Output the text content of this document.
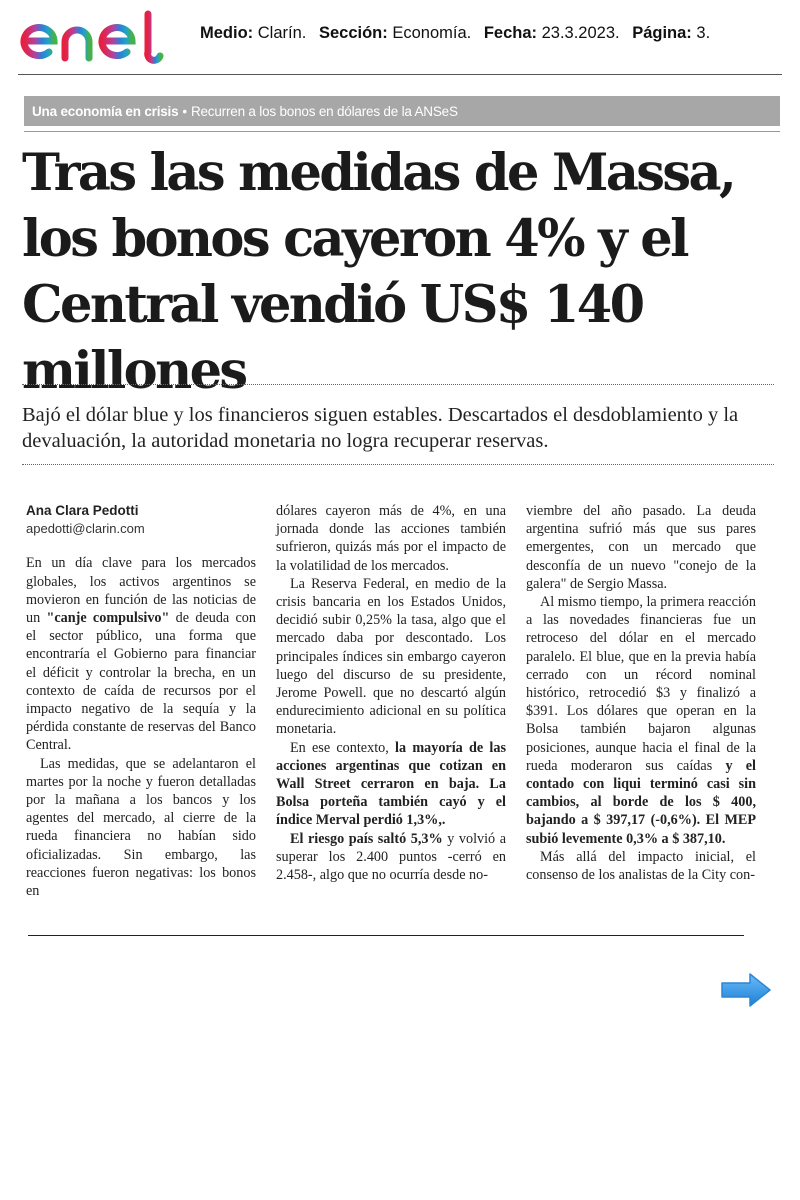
Medio: Clarín. Sección: Economía. Fecha: 23.3.2023. Página: 3.
Una economía en crisis • Recurren a los bonos en dólares de la ANSeS
Tras las medidas de Massa, los bonos cayeron 4% y el Central vendió US$ 140 millones

Bajó el dólar blue y los financieros siguen estables. Descartados el desdoblamiento y la devaluación, la autoridad monetaria no logra recuperar reservas.

Ana Clara Pedotti

apedotti@clarin.com

En un día clave para los mercados globales, los activos argentinos se movieron en función de las noticias de un "canje compulsivo" de deuda con el sector público, una forma que encontraría el Gobierno para financiar el déficit y controlar la brecha, en un contexto de caída de recursos por el impacto negativo de la sequía y la pérdida constante de reservas del Banco Central.

Las medidas, que se adelantaron el martes por la noche y fueron detalladas por la mañana a los bancos y los agentes del mercado, al cierre de la rueda financiera no habían sido oficializadas. Sin embargo, las reacciones fueron negativas: los bonos en

dólares cayeron más de 4%, en una jornada donde las acciones también sufrieron, quizás más por el impacto de la volatilidad de los mercados.

La Reserva Federal, en medio de la crisis bancaria en los Estados Unidos, decidió subir 0,25% la tasa, algo que el mercado daba por descontado. Los principales índices sin embargo cayeron luego del discurso de su presidente, Jerome Powell. que no descartó algún endurecimiento adicional en su política monetaria.

En ese contexto, la mayoría de las acciones argentinas que cotizan en Wall Street cerraron en baja. La Bolsa porteña también cayó y el índice Merval perdió 1,3%,.

El riesgo país saltó 5,3% y volvió a superar los 2.400 puntos -cerró en 2.458-, algo que no ocurría desde no-

viembre del año pasado. La deuda argentina sufrió más que sus pares emergentes, con un mercado que desconfía de un nuevo "conejo de la galera" de Sergio Massa.

Al mismo tiempo, la primera reacción a las novedades financieras fue un retroceso del dólar en el mercado paralelo. El blue, que en la previa había cerrado con un récord nominal histórico, retrocedió $3 y finalizó a $391. Los dólares que operan en la Bolsa también bajaron algunas posiciones, aunque hacia el final de la rueda moderaron sus caídas y el contado con liqui terminó casi sin cambios, al borde de los $ 400, bajando a $ 397,17 (-0,6%). El MEP subió levemente 0,3% a $ 387,10.

Más allá del impacto inicial, el consenso de los analistas de la City con-
